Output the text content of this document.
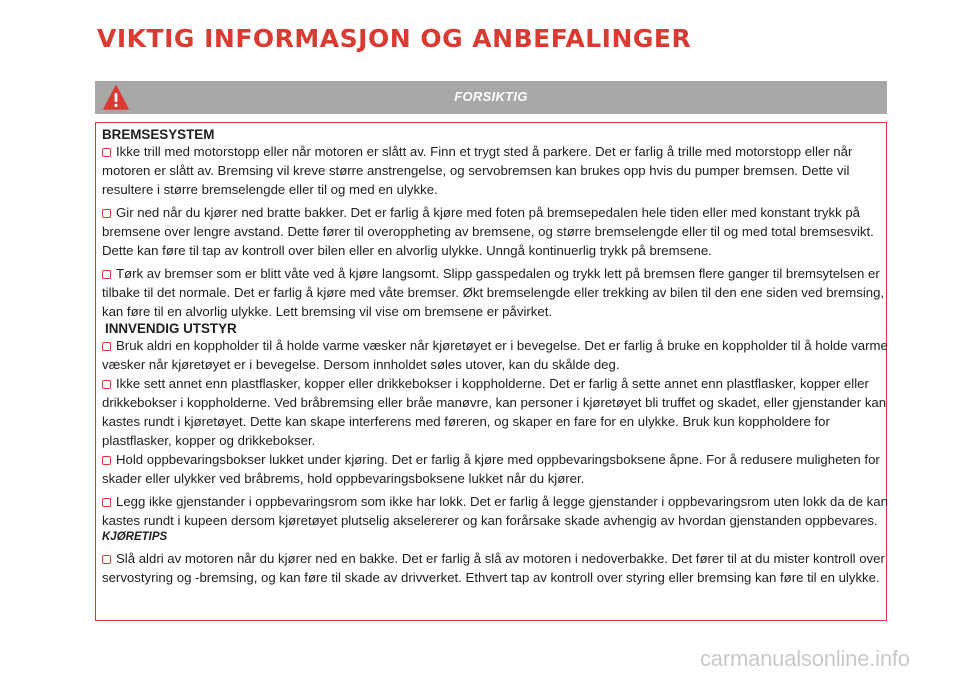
VIKTIG INFORMASJON OG ANBEFALINGER
FORSIKTIG
BREMSESYSTEM

Ikke trill med motorstopp eller når motoren er slått av. Finn et trygt sted å parkere. Det er farlig å trille med motorstopp eller når motoren er slått av. Bremsing vil kreve større anstrengelse, og servobremsen kan brukes opp hvis du pumper bremsen. Dette vil resultere i større bremselengde eller til og med en ulykke.

Gir ned når du kjører ned bratte bakker. Det er farlig å kjøre med foten på bremsepedalen hele tiden eller med konstant trykk på bremsene over lengre avstand. Dette fører til overoppheting av bremsene, og større bremselengde eller til og med total bremsesvikt. Dette kan føre til tap av kontroll over bilen eller en alvorlig ulykke. Unngå kontinuerlig trykk på bremsene.

Tørk av bremser som er blitt våte ved å kjøre langsomt. Slipp gasspedalen og trykk lett på bremsen flere ganger til bremsytelsen er tilbake til det normale. Det er farlig å kjøre med våte bremser. Økt bremselengde eller trekking av bilen til den ene siden ved bremsing, kan føre til en alvorlig ulykke. Lett bremsing vil vise om bremsene er påvirket.

INNVENDIG UTSTYR

Bruk aldri en koppholder til å holde varme væsker når kjøretøyet er i bevegelse. Det er farlig å bruke en koppholder til å holde varme væsker når kjøretøyet er i bevegelse. Dersom innholdet søles utover, kan du skålde deg.

Ikke sett annet enn plastflasker, kopper eller drikkebokser i koppholderne. Det er farlig å sette annet enn plastflasker, kopper eller drikkebokser i koppholderne. Ved bråbremsing eller bråe manøvre, kan personer i kjøretøyet bli truffet og skadet, eller gjenstander kan kastes rundt i kjøretøyet. Dette kan skape interferens med føreren, og skaper en fare for en ulykke. Bruk kun koppholdere for plastflasker, kopper og drikkebokser.

Hold oppbevaringsbokser lukket under kjøring. Det er farlig å kjøre med oppbevaringsboksene åpne. For å redusere muligheten for skader eller ulykker ved bråbrems, hold oppbevaringsboksene lukket når du kjører.

Legg ikke gjenstander i oppbevaringsrom som ikke har lokk. Det er farlig å legge gjenstander i oppbevaringsrom uten lokk da de kan kastes rundt i kupeen dersom kjøretøyet plutselig akselererer og kan forårsake skade avhengig av hvordan gjenstanden oppbevares.

KJØRETIPS

Slå aldri av motoren når du kjører ned en bakke. Det er farlig å slå av motoren i nedoverbakke. Det fører til at du mister kontroll over servostyring og -bremsing, og kan føre til skade av drivverket. Ethvert tap av kontroll over styring eller bremsing kan føre til en ulykke.

carmanualsonline.info
